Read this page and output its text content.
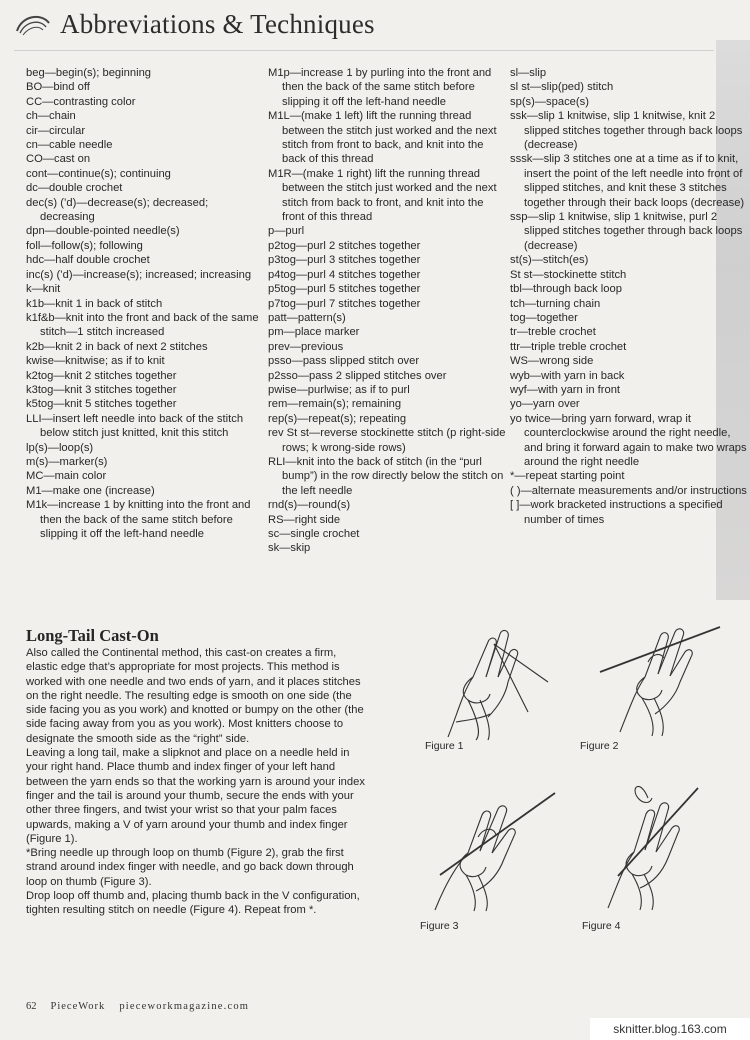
Abbreviations & Techniques
beg—begin(s); beginning
BO—bind off
CC—contrasting color
ch—chain
cir—circular
cn—cable needle
CO—cast on
cont—continue(s); continuing
dc—double crochet
dec(s) (’d)—decrease(s); decreased; decreasing
dpn—double-pointed needle(s)
foll—follow(s); following
hdc—half double crochet
inc(s) (’d)—increase(s); increased; increasing
k—knit
k1b—knit 1 in back of stitch
k1f&b—knit into the front and back of the same stitch—1 stitch increased
k2b—knit 2 in back of next 2 stitches
kwise—knitwise; as if to knit
k2tog—knit 2 stitches together
k3tog—knit 3 stitches together
k5tog—knit 5 stitches together
LLI—insert left needle into back of the stitch below stitch just knitted, knit this stitch
lp(s)—loop(s)
m(s)—marker(s)
MC—main color
M1—make one (increase)
M1k—increase 1 by knitting into the front and then the back of the same stitch before slipping it off the left-hand needle
M1p—increase 1 by purling into the front and then the back of the same stitch before slipping it off the left-hand needle
M1L—(make 1 left) lift the running thread between the stitch just worked and the next stitch from front to back, and knit into the back of this thread
M1R—(make 1 right) lift the running thread between the stitch just worked and the next stitch from back to front, and knit into the front of this thread
p—purl
p2tog—purl 2 stitches together
p3tog—purl 3 stitches together
p4tog—purl 4 stitches together
p5tog—purl 5 stitches together
p7tog—purl 7 stitches together
patt—pattern(s)
pm—place marker
prev—previous
psso—pass slipped stitch over
p2sso—pass 2 slipped stitches over
pwise—purlwise; as if to purl
rem—remain(s); remaining
rep(s)—repeat(s); repeating
rev St st—reverse stockinette stitch (p right-side rows; k wrong-side rows)
RLI—knit into the back of stitch (in the “purl bump”) in the row directly below the stitch on the left needle
rnd(s)—round(s)
RS—right side
sc—single crochet
sk—skip
sl—slip
sl st—slip(ped) stitch
sp(s)—space(s)
ssk—slip 1 knitwise, slip 1 knitwise, knit 2 slipped stitches together through back loops (decrease)
sssk—slip 3 stitches one at a time as if to knit, insert the point of the left needle into front of slipped stitches, and knit these 3 stitches together through their back loops (decrease)
ssp—slip 1 knitwise, slip 1 knitwise, purl 2 slipped stitches together through back loops (decrease)
st(s)—stitch(es)
St st—stockinette stitch
tbl—through back loop
tch—turning chain
tog—together
tr—treble crochet
ttr—triple treble crochet
WS—wrong side
wyb—with yarn in back
wyf—with yarn in front
yo—yarn over
yo twice—bring yarn forward, wrap it counterclockwise around the right needle, and bring it forward again to make two wraps around the right needle
*—repeat starting point
( )—alternate measurements and/or instructions
[ ]—work bracketed instructions a specified number of times
Long-Tail Cast-On

Also called the Continental method, this cast-on creates a firm, elastic edge that’s appropriate for most projects. This method is worked with one needle and two ends of yarn, and it places stitches on the right needle. The resulting edge is smooth on one side (the side facing you as you work) and knotted or bumpy on the other (the side facing away from you as you work). Most knitters choose to designate the smooth side as the “right” side.

Leaving a long tail, make a slipknot and place on a needle held in your right hand. Place thumb and index finger of your left hand between the yarn ends so that the working yarn is around your index finger and the tail is around your thumb, secure the ends with your other three fingers, and twist your wrist so that your palm faces upwards, making a V of yarn around your thumb and index finger (Figure 1).

*Bring needle up through loop on thumb (Figure 2), grab the first strand around index finger with needle, and go back down through loop on thumb (Figure 3).

Drop loop off thumb and, placing thumb back in the V configuration, tighten resulting stitch on needle (Figure 4). Repeat from *.

Figure 1	Figure 2
Figure 3	Figure 4
62 PieceWork pieceworkmagazine.com
sknitter.blog.163.com
